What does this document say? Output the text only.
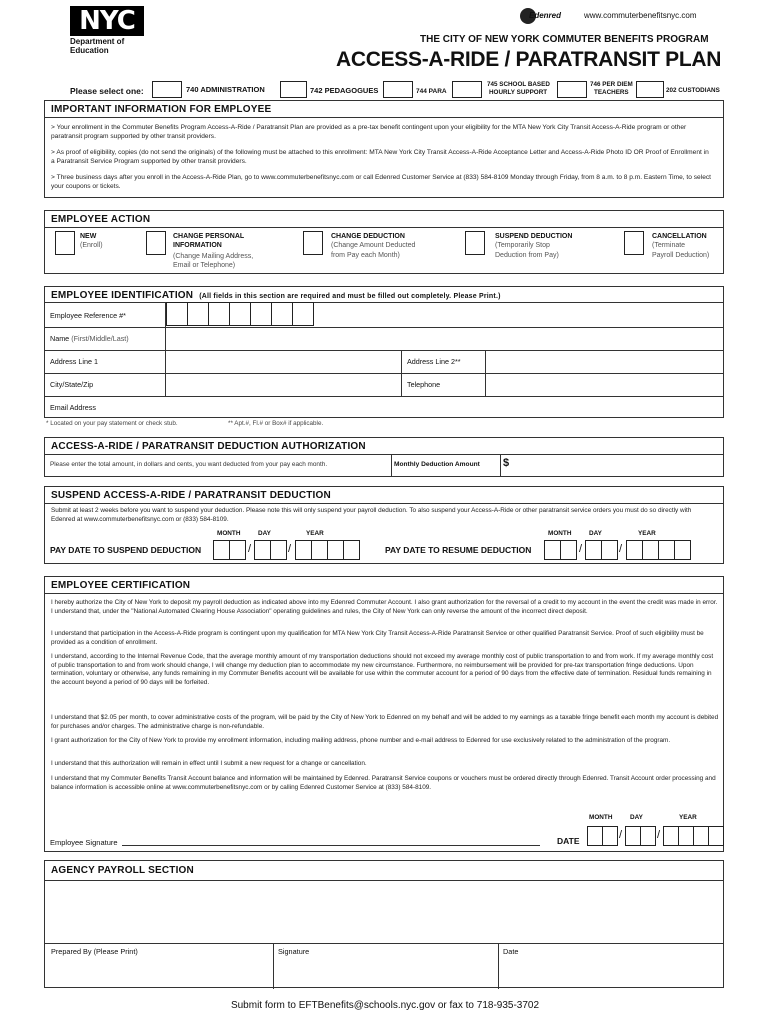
NYC
Department of
Education
Edenred	www.commuterbenefitsnyc.com
THE CITY OF NEW YORK COMMUTER BENEFITS PROGRAM
ACCESS-A-RIDE / PARATRANSIT PLAN
Please select one:	740 ADMINISTRATION	742 PEDAGOGUES	744 PARA
745 SCHOOL BASED
HOURLY SUPPORT
746 PER DIEM
TEACHERS	202 CUSTODIANS
IMPORTANT INFORMATION FOR EMPLOYEE
> Your enrollment in the Commuter Benefits Program Access-A-Ride / Paratransit Plan are provided as a pre-tax benefit contingent upon your eligibility for the MTA New York City Transit Access-A-Ride program or other paratransit program supported by other transit providers.
> As proof of eligibility, copies (do not send the originals) of the following must be attached to this enrollment: MTA New York City Transit Access-A-Ride Acceptance Letter and Access-A-Ride Photo ID OR Proof of Enrollment in a Paratransit Service Program supported by other transit providers.
> Three business days after you enroll in the Access-A-Ride Plan, go to www.commuterbenefitsnyc.com or call Edenred Customer Service at (833) 584-8109 Monday through Friday, from 8 a.m. to 8 p.m. Eastern Time, to select your coupons or tickets.
EMPLOYEE ACTION
NEW
(Enroll)
CHANGE PERSONAL
INFORMATION
(Change Mailing Address,
Email or Telephone)
CHANGE DEDUCTION
(Change Amount Deducted
from Pay each Month)
SUSPEND DEDUCTION
(Temporarily Stop
Deduction from Pay)
CANCELLATION
(Terminate
Payroll Deduction)
EMPLOYEE IDENTIFICATION (All fields in this section are required and must be filled out completely. Please Print.)
Employee Reference #*
Name (First/Middle/Last)
Address Line 1	Address Line 2**
City/State/Zip	Telephone
Email Address
* Located on your pay statement or check stub.	** Apt.#, Fl.# or Box# if applicable.
ACCESS-A-RIDE / PARATRANSIT DEDUCTION AUTHORIZATION
Please enter the total amount, in dollars and cents, you want deducted from your pay each month.	Monthly Deduction Amount $
SUSPEND ACCESS-A-RIDE / PARATRANSIT DEDUCTION
Submit at least 2 weeks before you want to suspend your deduction. Please note this will only suspend your payroll deduction. To also suspend your Access-A-Ride or other paratransit service orders you must do so directly with Edenred at www.commuterbenefitsnyc.com or (833) 584-8109.
MONTH	DAY	YEAR
PAY DATE TO SUSPEND DEDUCTION	/	/
MONTH	DAY	YEAR
PAY DATE TO RESUME DEDUCTION	/	/
EMPLOYEE CERTIFICATION
I hereby authorize the City of New York to deposit my payroll deduction as indicated above into my Edenred Commuter Account. I also grant authorization for the reversal of a credit to my account in the event the credit was made in error. I understand that, under the "National Automated Clearing House Association" operating guidelines and rules, the City of New York can only reverse the amount of the incorrect direct deposit.
I understand that participation in the Access-A-Ride program is contingent upon my qualification for MTA New York City Transit Access-A-Ride Paratransit Service or other qualified Paratransit Service. Proof of such eligibility must be provided as a condition of enrollment.
I understand, according to the Internal Revenue Code, that the average monthly amount of my transportation deductions should not exceed my average monthly cost of public transportation to and from work. If my average monthly cost of public transportation to and from work should change, I will change my deduction plan to accommodate my new circumstance. Furthermore, no reimbursement will be provided for pre-tax transportation fringe deductions. Upon termination, voluntary or otherwise, any funds remaining in my Commuter Benefits account will be available for use within the commuter account for a period of 90 days from the effective date of termination. Residual funds remaining in the account beyond a period of 90 days will be forfeited.
I understand that $2.05 per month, to cover administrative costs of the program, will be paid by the City of New York to Edenred on my behalf and will be added to my earnings as a taxable fringe benefit each month my account is debited for purchases and/or charges. The administrative charge is non-refundable.
I grant authorization for the City of New York to provide my enrollment information, including mailing address, phone number and e-mail address to Edenred for use exclusively related to the administration of the program.
I understand that this authorization will remain in effect until I submit a new request for a change or cancellation.
I understand that my Commuter Benefits Transit Account balance and information will be maintained by Edenred. Paratransit Service coupons or vouchers must be ordered directly through Edenred. Transit Account order processing and balance information is accessible online at www.commuterbenefitsnyc.com or by calling Edenred Customer Service at (833) 584-8109.
Employee Signature	DATE
MONTH	DAY	YEAR
/	/
AGENCY PAYROLL SECTION
Prepared By (Please Print)	Signature	Date
Submit form to EFTBenefits@schools.nyc.gov or fax to 718-935-3702
